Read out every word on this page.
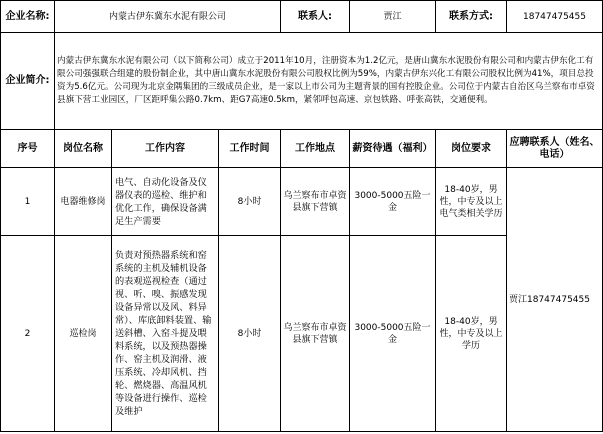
企业名称:	内蒙古伊东冀东水泥有限公司			联系人:	贾江	联系方式:	18747475455
企业简介:	内蒙古伊东冀东水泥有限公司（以下简称公司）成立于2011年10月，注册资本为1.2亿元，是唐山冀东水泥股份有限公司和内蒙古伊东化工有限公司强强联合组建的股份制企业，其中唐山冀东水泥股份有限公司股权比例为59%，内蒙古伊东兴化工有限公司股权比例为41%，项目总投资为5.6亿元。公司现为北京金隅集团的三级成员企业，是一家以上市公司为主题背景的国有控股企业。公司位于内蒙古自治区乌兰察布市卓资县旗下营工业园区，厂区距呼集公路0.7km、距G7高速0.5km，紧邻呼包高速、京包铁路、呼张高铁，交通便利。						
序号	岗位名称	工作内容	工作时间	工作地点	薪资待遇（福利）	岗位要求	应聘联系人（姓名、电话）
1	电器维修岗	电气、自动化设备及仪器仪表的巡检、维护和优化工作，确保设备满足生产需要	8小时	乌兰察布市卓资县旗下营镇	3000-5000五险一金	18-40岁，男性，中专及以上电气类相关学历	贾江18747475455
2	巡检岗	负责对预热器系统和窑系统的主机及辅机设备的表观巡视检查（通过视、听、嗅、振感发现设备异常以及风、料异常）、库底卸料装置、输送斜槽、入窑斗提及喂料系统，以及预热器操作、窑主机及润滑、液压系统、冷却风机、挡轮、燃烧器、高温风机等设备进行操作、巡检及维护	8小时	乌兰察布市卓资县旗下营镇	3000-5000五险一金	18-40岁，男性，中专及以上学历	
